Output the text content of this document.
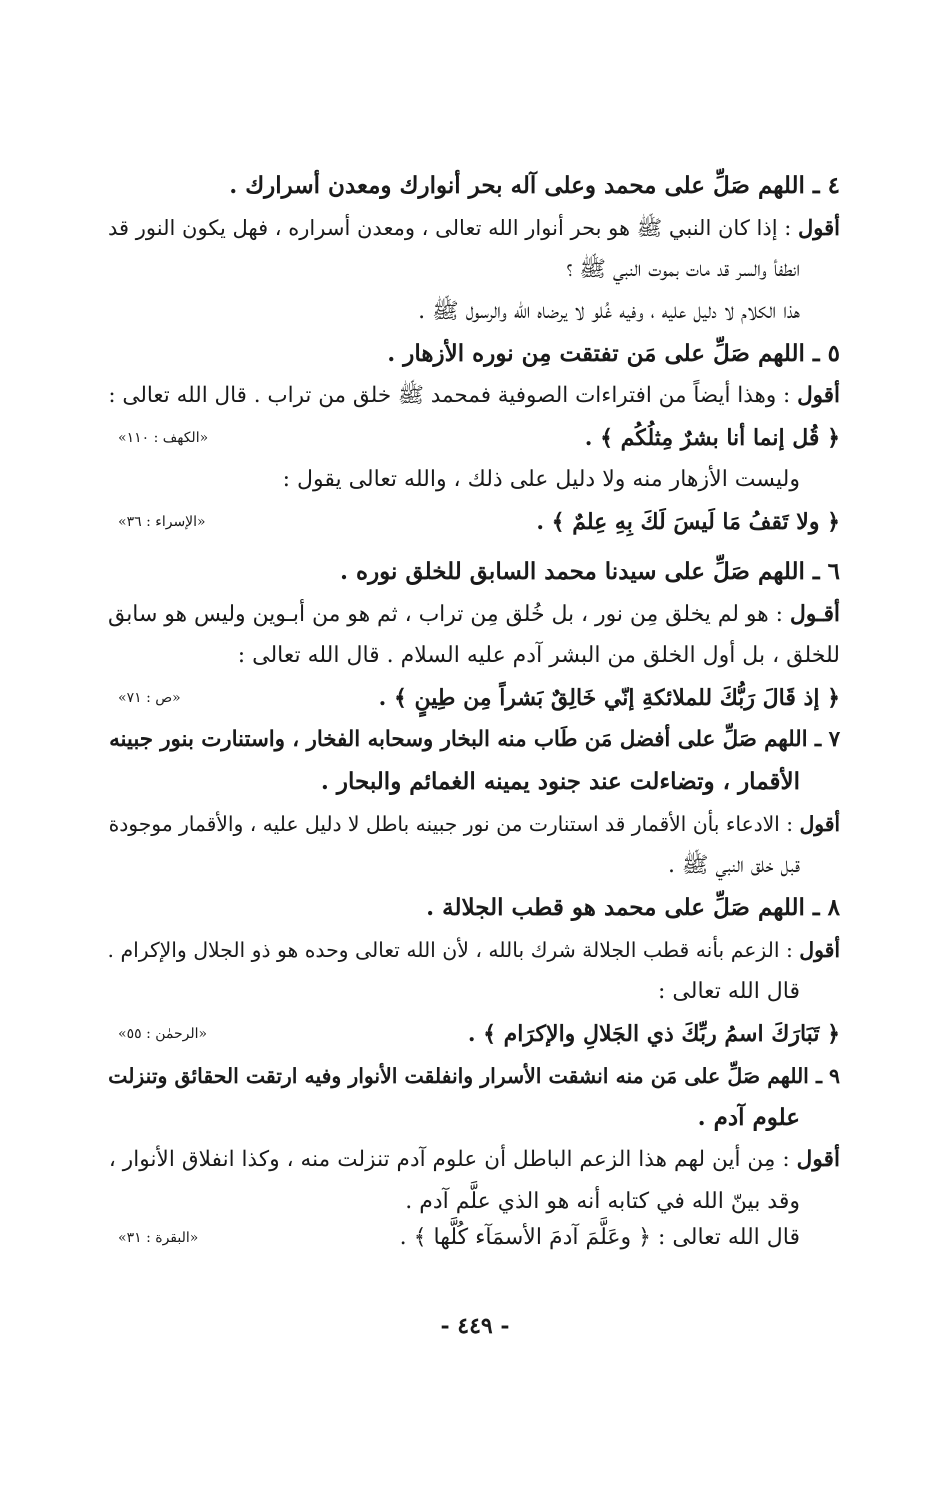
٤ ـ اللهم صَلِّ على محمد وعلى آله بحر أنوارك ومعدن أسرارك .
أقول : إذا كان النبي ﷺ هو بحر أنوار الله تعالى ، ومعدن أسراره ، فهل يكون النور قد
انطفأ والسر قد مات بموت النبي ﷺ ؟
هذا الكلام لا دليل عليه ، وفيه غُلو لا يرضاه الله والرسول ﷺ .
٥ ـ اللهم صَلِّ على مَن تفتقت مِن نوره الأزهار .
أقول : وهذا أيضاً من افتراءات الصوفية فمحمد ﷺ خلق من تراب . قال الله تعالى :
﴿ قُل إنما أنا بشرٌ مِثلُكُم ﴾ .
«الكهف : ١١٠»
وليست الأزهار منه ولا دليل على ذلك ، والله تعالى يقول :
﴿ ولا تَقفُ مَا لَيسَ لَكَ بِهِ عِلمٌ ﴾ .
«الإسراء : ٣٦»
٦ ـ اللهم صَلِّ على سيدنا محمد السابق للخلق نوره .
أقـول : هو لم يخلق مِن نور ، بل خُلق مِن تراب ، ثم هو من أبـوين وليس هو سابق
للخلق ، بل أول الخلق من البشر آدم عليه السلام . قال الله تعالى :
﴿ إذ قَالَ رَبُّكَ للملائكةِ إنّي خَالِقٌ بَشراً مِن طِينٍ ﴾ .
«ص : ٧١»
٧ ـ اللهم صَلِّ على أفضل مَن طَاب منه البخار وسحابه الفخار ، واستنارت بنور جبينه
الأقمار ، وتضاءلت عند جنود يمينه الغمائم والبحار .
أقول : الادعاء بأن الأقمار قد استنارت من نور جبينه باطل لا دليل عليه ، والأقمار موجودة
قبل خلق النبي ﷺ .
٨ ـ اللهم صَلِّ على محمد هو قطب الجلالة .
أقول : الزعم بأنه قطب الجلالة شرك بالله ، لأن الله تعالى وحده هو ذو الجلال والإكرام .
قال الله تعالى :
﴿ تَبَارَكَ اسمُ ربِّكَ ذي الجَلالِ والإكرَام ﴾ .
«الرحمٰن : ٥٥»
٩ ـ اللهم صَلِّ على مَن منه انشقت الأسرار وانفلقت الأنوار وفيه ارتقت الحقائق وتنزلت
علوم آدم .
أقول : مِن أين لهم هذا الزعم الباطل أن علوم آدم تنزلت منه ، وكذا انفلاق الأنوار ،
وقد بينّ الله في كتابه أنه هو الذي علَّم آدم .
قال الله تعالى : ﴿ وعَلَّمَ آدمَ الأسمَآء كُلَّها ﴾ .
«البقرة : ٣١»
- ٤٤٩ -
